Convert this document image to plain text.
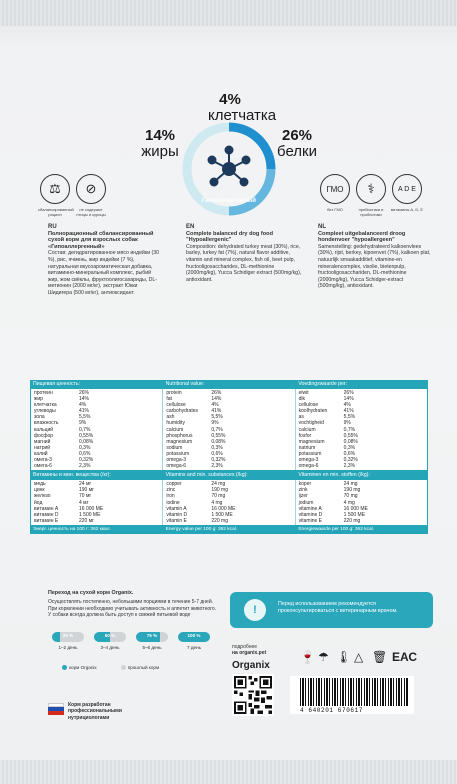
4%
клетчатка
14%
жиры
26%
белки
Гипоаллергенный
⚖	⊘
сбалансированный рацион
не содержит птицы и курицы
ГМО	⚕	A D E
без ГМО	пребиотики и пробиотики
витамины A, D, E
RU
Полнорационный сбалансированный сухой корм для взрослых собак «Гипоаллергенный»
Состав: дегидратированное мясо индейки (30 %), рис, ячмень, жир индейки (7 %), натуральная вкусоароматическая добавка, витаминно-минеральный комплекс, рыбий жир, жом свёклы, фруктоолигосахариды, DL-метионин (2000 мг/кг), экстракт Юкки Шидигера (500 мг/кг), антиоксидант.
EN
Complete balanced dry dog food "Hypoallergenic"
Composition: dehydrated turkey meat (30%), rice, barley, turkey fat (7%), natural flavor additive, vitamin and mineral complex, fish oil, beet pulp, fructooligosaccharides, DL-methionine (2000mg/kg), Yucca Schidiger extract (500mg/kg), antioxidant.
NL
Compleet uitgebalanceerd droog hondenvoer "hypoallergeen"
Samenstelling: gedehydrateerd kalkoenvlees (30%), rijst, berkey, kipoenvet (7%), kalkoen plat, natuurlijk smaakadditief, vitamine-en mineralencomplex, visolie, bietenpulp, fructooligosacchariden, DL-methionine (2000mg/kg), Yucca Schidger-extract (500mg/kg), antioxidant.
Пищевая ценность:	Nutritional value:	Voedingswaarde per:
протеин	26%
жир	14%
клетчатка	4%
углеводы	41%
зола	5,5%
влажность	9%
кальций	0,7%
фосфор	0,55%
магний	0,08%
натрий	0,3%
калий	0,6%
омега-3	0,32%
омега-6	2,3%
protein	26%
fat	14%
cellulose	4%
carbohydrates	41%
ash	5,5%
humidity	9%
calcium	0,7%
phosphorus	0,55%
magnesium	0,08%
sodium	0,3%
potassium	0,6%
omega-3	0,32%
omega-6	2,3%
eiwit	26%
dik	14%
cellulose	4%
koolhydraten	41%
as	5,5%
vochtigheid	9%
calcium	0,7%
fosfor	0,55%
magnesium	0,08%
natrium	0,3%
potassium	0,6%
omega-3	0,32%
omega-6	2,3%
Витамины и мин. вещества (/кг):	Vitamins and min. substances (/kg):	Vitaminen en min. stoffen (/kg):
медь	24 мг
цинк	190 мг
железо	70 мг
йод	4 мг
витамин A	16 000 МЕ
витамин D	1 500 МЕ
витамин E	220 мг
copper	24 mg
zinc	190 mg
iron	70 mg
iodine	4 mg
vitamin A	16 000 ME
vitamin D	1 500 ME
vitamin E	220 mg
koper	24 mg
zink	190 mg
ijzer	70 mg
jodium	4 mg
vitamine A	16 000 ME
vitamine D	1 500 ME
vitamine E	220 mg
Энерг. ценность на 100 г: 362 ккал.	Energy value per 100 g: 362 kcal.	Energiewaarde per 100 g: 362 kcal.
Переход на сухой корм Organix.
Осуществлять постепенно, небольшими порциями в течение 5-7 дней. При кормлении необходимо учитывать активность и аппетит животного. У собаки всегда должна быть доступ к свежей питьевой воде
25 %
1–2 день
50 %
3–4 день
75 %
5–6 день
100 %
7 день
корм Organix	прошлый корм
Корм разработан профессиональными нутрициологами
!	Перед использованием рекомендуется проконсультироваться с ветеринарным врачом.
подробнее
на organix.pet
Organix
🍷 ☂ 🌡 △ 🗑 ЕАС
4 640201 670617
